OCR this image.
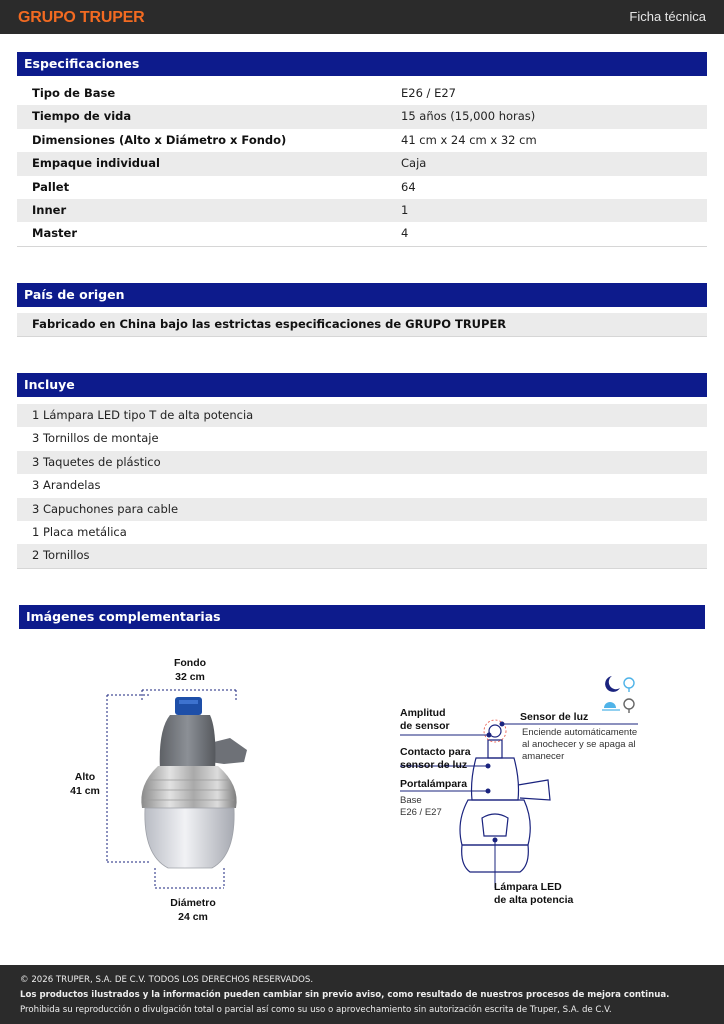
GRUPO TRUPER	Ficha técnica
Especificaciones
Tipo de Base	E26 / E27
Tiempo de vida	15 años (15,000 horas)
Dimensiones (Alto x Diámetro x Fondo)	41 cm x 24 cm x 32 cm
Empaque individual	Caja
Pallet	64
Inner	1
Master	4
País de origen
Fabricado en China bajo las estrictas especificaciones de GRUPO TRUPER
Incluye
1 Lámpara LED tipo T de alta potencia
3 Tornillos de montaje
3 Taquetes de plástico
3 Arandelas
3 Capuchones para cable
1 Placa metálica
2 Tornillos
Imágenes complementarias
Fondo
32 cm
Alto
41 cm
Diámetro
24 cm
Amplitud
de sensor
Contacto para
sensor de luz
Portalámpara
Base
E26 / E27
Sensor de luz
Enciende automáticamente
al anochecer y se apaga al
amanecer
Lámpara LED
de alta potencia
© 2026 TRUPER, S.A. DE C.V. TODOS LOS DERECHOS RESERVADOS.
Los productos ilustrados y la información pueden cambiar sin previo aviso, como resultado de nuestros procesos de mejora continua.
Prohibida su reproducción o divulgación total o parcial así como su uso o aprovechamiento sin autorización escrita de Truper, S.A. de C.V.
